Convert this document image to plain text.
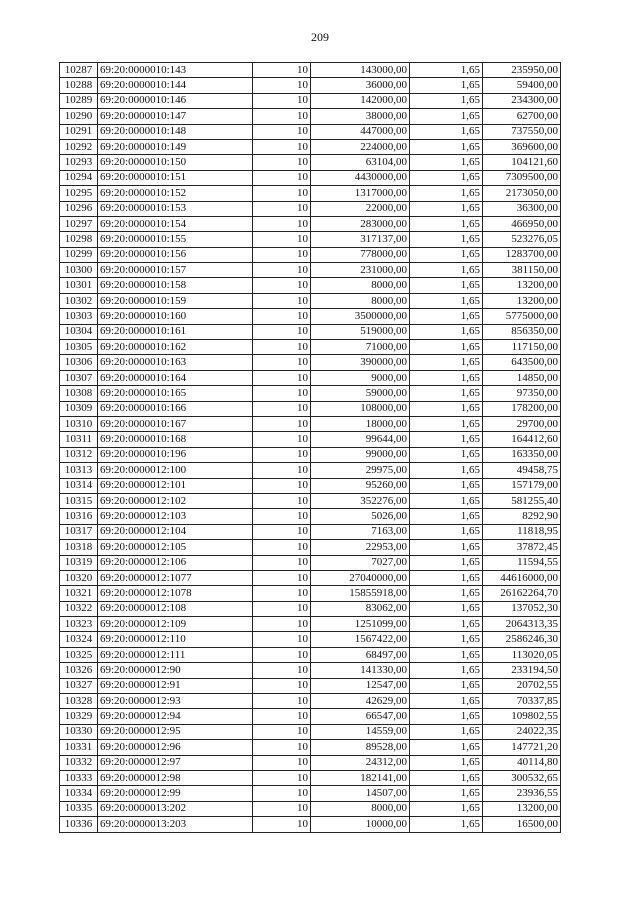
209
10287	69:20:0000010:143	10	143000,00	1,65	235950,00
10288	69:20:0000010:144	10	36000,00	1,65	59400,00
10289	69:20:0000010:146	10	142000,00	1,65	234300,00
10290	69:20:0000010:147	10	38000,00	1,65	62700,00
10291	69:20:0000010:148	10	447000,00	1,65	737550,00
10292	69:20:0000010:149	10	224000,00	1,65	369600,00
10293	69:20:0000010:150	10	63104,00	1,65	104121,60
10294	69:20:0000010:151	10	4430000,00	1,65	7309500,00
10295	69:20:0000010:152	10	1317000,00	1,65	2173050,00
10296	69:20:0000010:153	10	22000,00	1,65	36300,00
10297	69:20:0000010:154	10	283000,00	1,65	466950,00
10298	69:20:0000010:155	10	317137,00	1,65	523276,05
10299	69:20:0000010:156	10	778000,00	1,65	1283700,00
10300	69:20:0000010:157	10	231000,00	1,65	381150,00
10301	69:20:0000010:158	10	8000,00	1,65	13200,00
10302	69:20:0000010:159	10	8000,00	1,65	13200,00
10303	69:20:0000010:160	10	3500000,00	1,65	5775000,00
10304	69:20:0000010:161	10	519000,00	1,65	856350,00
10305	69:20:0000010:162	10	71000,00	1,65	117150,00
10306	69:20:0000010:163	10	390000,00	1,65	643500,00
10307	69:20:0000010:164	10	9000,00	1,65	14850,00
10308	69:20:0000010:165	10	59000,00	1,65	97350,00
10309	69:20:0000010:166	10	108000,00	1,65	178200,00
10310	69:20:0000010:167	10	18000,00	1,65	29700,00
10311	69:20:0000010:168	10	99644,00	1,65	164412,60
10312	69:20:0000010:196	10	99000,00	1,65	163350,00
10313	69:20:0000012:100	10	29975,00	1,65	49458,75
10314	69:20:0000012:101	10	95260,00	1,65	157179,00
10315	69:20:0000012:102	10	352276,00	1,65	581255,40
10316	69:20:0000012:103	10	5026,00	1,65	8292,90
10317	69:20:0000012:104	10	7163,00	1,65	11818,95
10318	69:20:0000012:105	10	22953,00	1,65	37872,45
10319	69:20:0000012:106	10	7027,00	1,65	11594,55
10320	69:20:0000012:1077	10	27040000,00	1,65	44616000,00
10321	69:20:0000012:1078	10	15855918,00	1,65	26162264,70
10322	69:20:0000012:108	10	83062,00	1,65	137052,30
10323	69:20:0000012:109	10	1251099,00	1,65	2064313,35
10324	69:20:0000012:110	10	1567422,00	1,65	2586246,30
10325	69:20:0000012:111	10	68497,00	1,65	113020,05
10326	69:20:0000012:90	10	141330,00	1,65	233194,50
10327	69:20:0000012:91	10	12547,00	1,65	20702,55
10328	69:20:0000012:93	10	42629,00	1,65	70337,85
10329	69:20:0000012:94	10	66547,00	1,65	109802,55
10330	69:20:0000012:95	10	14559,00	1,65	24022,35
10331	69:20:0000012:96	10	89528,00	1,65	147721,20
10332	69:20:0000012:97	10	24312,00	1,65	40114,80
10333	69:20:0000012:98	10	182141,00	1,65	300532,65
10334	69:20:0000012:99	10	14507,00	1,65	23936,55
10335	69:20:0000013:202	10	8000,00	1,65	13200,00
10336	69:20:0000013:203	10	10000,00	1,65	16500,00
